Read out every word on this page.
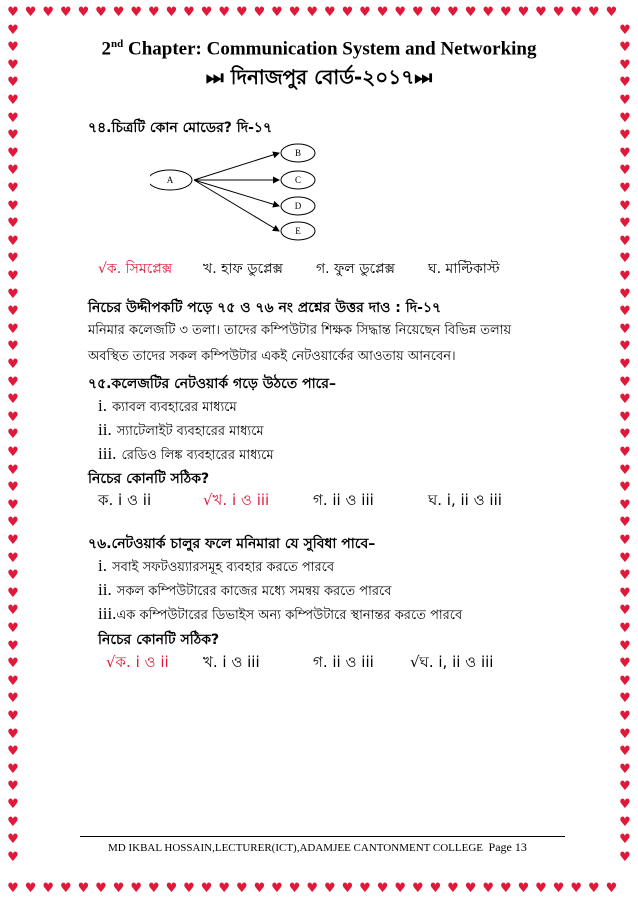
♥
♥
♥
♥
♥
♥
♥
♥
♥
♥
♥
♥
♥
♥
♥
♥
♥
♥
♥
♥
♥
♥
♥
♥
♥
♥
♥
♥
♥
♥
♥
♥
♥
♥
♥
♥
♥
♥
♥
♥
♥
♥
♥
♥
♥
♥
♥
♥
♥
♥
♥
♥
♥
♥
♥
♥
♥
♥
♥
♥
♥
♥
♥
♥
♥
♥
♥
♥
♥
♥
♥	♥
♥	♥
♥	♥
♥	♥
♥	♥
♥	♥
♥	♥
♥	♥
♥	♥
♥	♥
♥	♥
♥	♥
♥	♥
♥	♥
♥	♥
♥	♥
♥	♥
♥	♥
♥	♥
♥	♥
♥	♥
♥	♥
♥	♥
♥	♥
♥	♥
♥	♥
♥	♥
♥	♥
♥	♥
♥	♥
♥	♥
♥	♥
♥	♥
♥	♥
♥	♥
♥	♥
♥	♥
♥	♥
♥	♥
♥	♥
♥	♥
♥	♥
♥	♥
♥	♥
♥	♥
♥	♥
♥	♥
♥	♥
2nd Chapter: Communication System and Networking
⏭ দিনাজপুর বোর্ড-২০১৭⏭
৭৪.চিত্রটি কোন মোডের? দি-১৭
A
B
C
D
E
√ক. সিমপ্লেক্স খ. হাফ ডুপ্লেক্স গ. ফুল ডুপ্লেক্স ঘ. মাল্টিকাস্ট
নিচের উদ্দীপকটি পড়ে ৭৫ ও ৭৬ নং প্রশ্নের উত্তর দাও : দি-১৭
মনিমার কলেজটি ৩ তলা। তাদের কম্পিউটার শিক্ষক সিদ্ধান্ত নিয়েছেন বিভিন্ন তলায়
অবস্থিত তাদের সকল কম্পিউটার একই নেটওয়ার্কের আওতায় আনবেন।
৭৫.কলেজটির নেটওয়ার্ক গড়ে উঠতে পারে–
i. ক্যাবল ব্যবহারের মাধ্যমে
ii. স্যাটেলাইট ব্যবহারের মাধ্যমে
iii. রেডিও লিঙ্ক ব্যবহারের মাধ্যমে
নিচের কোনটি সঠিক?
ক. i ও ii	√খ. i ও iii	গ. ii ও iii	ঘ. i, ii ও iii
৭৬.নেটওয়ার্ক চালুর ফলে মনিমারা যে সুবিধা পাবে–
i. সবাই সফটওয়্যারসমূহ ব্যবহার করতে পারবে
ii. সকল কম্পিউটারের কাজের মধ্যে সমন্বয় করতে পারবে
iii.এক কম্পিউটারের ডিভাইস অন্য কম্পিউটারে স্থানান্তর করতে পারবে
নিচের কোনটি সঠিক?
√ক. i ও ii খ. i ও iii	গ. ii ও iii √ঘ. i, ii ও iii
MD IKBAL HOSSAIN,LECTURER(ICT),ADAMJEE CANTONMENT COLLEGE Page 13
